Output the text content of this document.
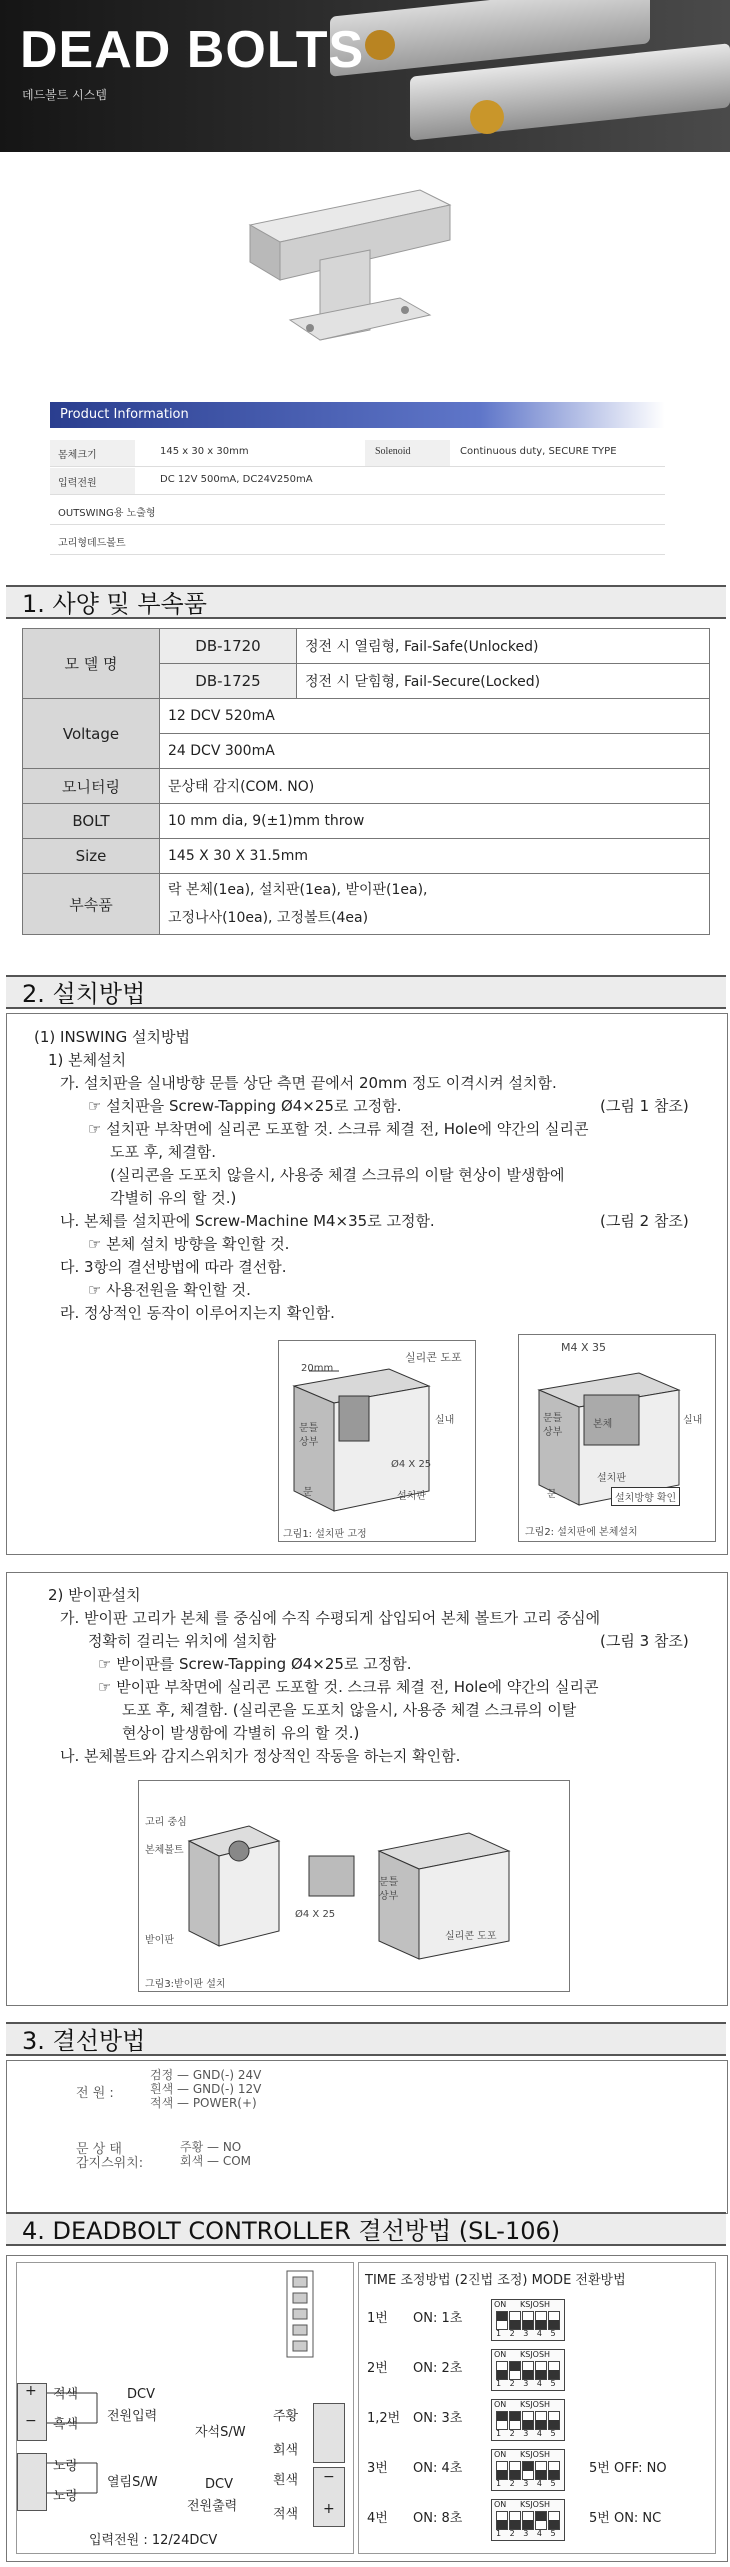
DEAD BOLTS
데드볼트 시스템
Product Information
몸체크기	145 x 30 x 30mm	Solenoid	Continuous duty, SECURE TYPE
입력전원	DC 12V 500mA, DC24V250mA
OUTSWING용 노출형
고리형데드볼트
1. 사양 및 부속품
모 델 명	DB-1720	정전 시 열림형, Fail-Safe(Unlocked)
	DB-1725	정전 시 닫힘형, Fail-Secure(Locked)
Voltage	12 DCV 520mA	
	24 DCV 300mA	
모니터링	문상태 감지(COM. NO)	
BOLT	10 mm dia, 9(±1)mm throw	
Size	145 X 30 X 31.5mm	
부속품	락 본체(1ea), 설치판(1ea), 받이판(1ea),
고정나사(10ea), 고정볼트(4ea)	
2. 설치방법
(1) INSWING 설치방법
1) 본체설치
가. 설치판을 실내방향 문틀 상단 측면 끝에서 20mm 정도 이격시켜 설치함.
☞ 설치판을 Screw-Tapping Ø4×25로 고정함.	(그림 1 참조)
☞ 설치판 부착면에 실리콘 도포할 것. 스크류 체결 전, Hole에 약간의 실리콘
도포 후, 체결함.
(실리콘을 도포치 않을시, 사용중 체결 스크류의 이탈 현상이 발생함에
각별히 유의 할 것.)
나. 본체를 설치판에 Screw-Machine M4×35로 고정함.	(그림 2 참조)
☞ 본체 설치 방향을 확인할 것.
다. 3항의 결선방법에 따라 결선함.
☞ 사용전원을 확인할 것.
라. 정상적인 동작이 이루어지는지 확인함.
실리콘 도포
20mm
문틀
상부
실내
Ø4 X 25
설치판
문
그림1: 설치판 고정
M4 X 35
문틀
상부
본체	실내
설치판
설치방향 확인
문
그림2: 설치판에 본체설치
2) 받이판설치
가. 받이판 고리가 본체 를 중심에 수직 수평되게 삽입되어 본체 볼트가 고리 중심에
정확히 걸리는 위치에 설치함	(그림 3 참조)
☞ 받이판를 Screw-Tapping Ø4×25로 고정함.
☞ 받이판 부착면에 실리콘 도포할 것. 스크류 체결 전, Hole에 약간의 실리콘
도포 후, 체결함. (실리콘을 도포치 않을시, 사용중 체결 스크류의 이탈
현상이 발생함에 각별히 유의 할 것.)
나. 본체볼트와 감지스위치가 정상적인 작동을 하는지 확인함.
고리 중심
본체볼트
받이판
Ø4 X 25
문틀
상부
실리콘 도포
그림3:받이판 설치
3. 결선방법
전 원 :
검정 — GND(-) 24V
흰색 — GND(-) 12V
적색 — POWER(+)
문 상 태
감지스위치:
주황 — NO
회색 — COM
4. DEADBOLT CONTROLLER 결선방법 (SL-106)
+
−
적색
흑색
DCV
전원입력
노랑
노랑
열림S/W
자석S/W
주황
회색
DCV
전원출력
흰색
적색
−
+
입력전원 : 12/24DCV
TIME 조정방법 (2진법 조정) MODE 전환방법
1번 ON: 1초
ON KSJOSH
1 2 3 4 5
2번 ON: 2초
ON KSJOSH
1 2 3 4 5
1,2번 ON: 3초
ON KSJOSH
1 2 3 4 5
3번 ON: 4초
ON KSJOSH
1 2 3 4 5
5번 OFF: NO
4번 ON: 8초
ON KSJOSH
1 2 3 4 5
5번 ON: NC
